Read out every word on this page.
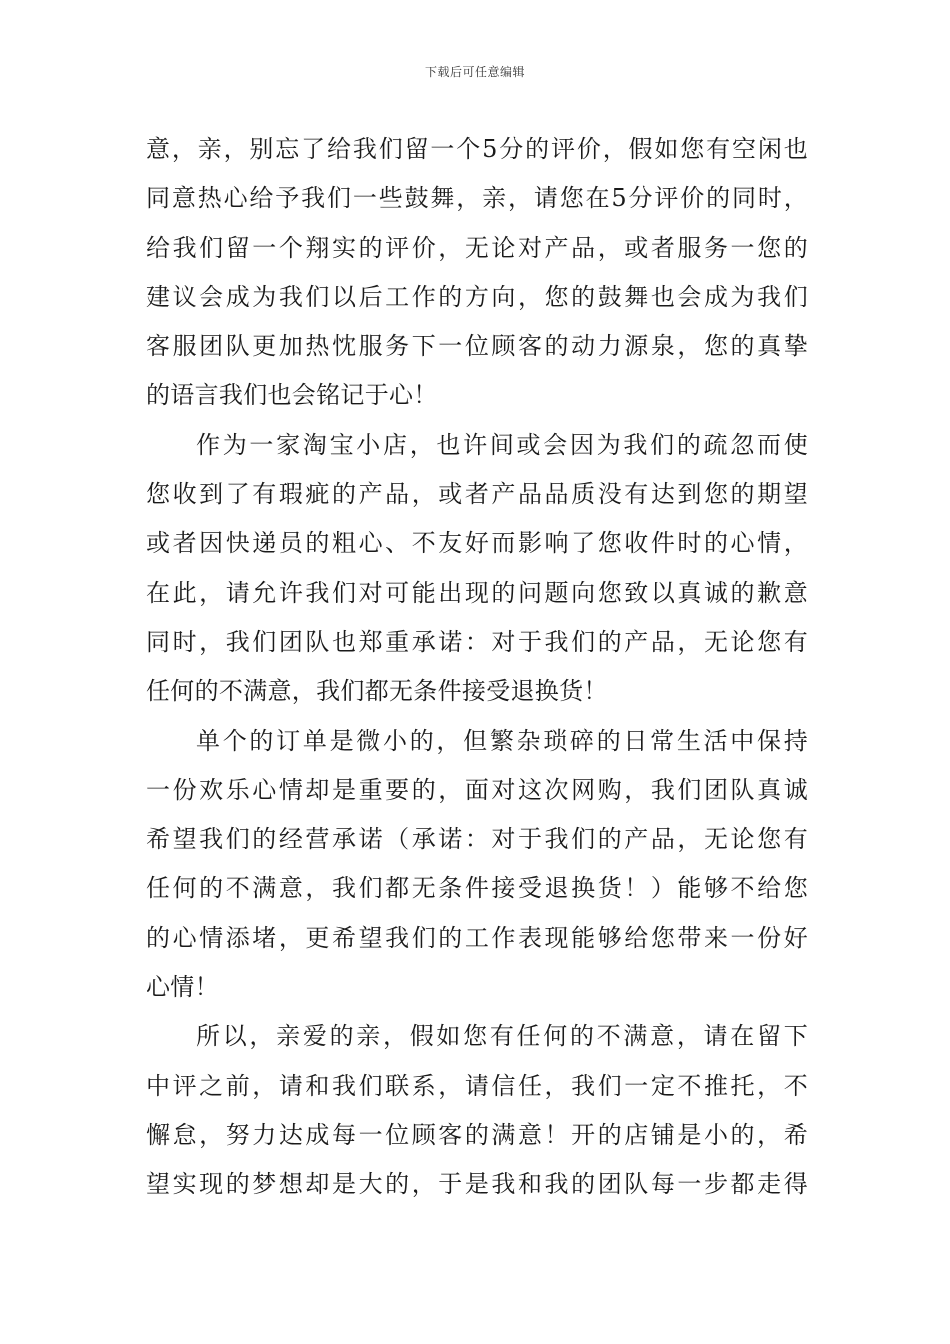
下载后可任意编辑
意，亲，别忘了给我们留一个5分的评价，假如您有空闲也
同意热心给予我们一些鼓舞，亲，请您在5分评价的同时，
给我们留一个翔实的评价，无论对产品，或者服务一您的
建议会成为我们以后工作的方向，您的鼓舞也会成为我们
客服团队更加热忱服务下一位顾客的动力源泉，您的真挚
的语言我们也会铭记于心！
作为一家淘宝小店，也许间或会因为我们的疏忽而使
您收到了有瑕疵的产品，或者产品品质没有达到您的期望
或者因快递员的粗心、不友好而影响了您收件时的心情，
在此，请允许我们对可能出现的问题向您致以真诚的歉意
同时，我们团队也郑重承诺：对于我们的产品，无论您有
任何的不满意，我们都无条件接受退换货！
单个的订单是微小的，但繁杂琐碎的日常生活中保持
一份欢乐心情却是重要的，面对这次网购，我们团队真诚
希望我们的经营承诺（承诺：对于我们的产品，无论您有
任何的不满意，我们都无条件接受退换货！）能够不给您
的心情添堵，更希望我们的工作表现能够给您带来一份好
心情！
所以，亲爱的亲，假如您有任何的不满意，请在留下
中评之前，请和我们联系，请信任，我们一定不推托，不
懈怠，努力达成每一位顾客的满意！开的店铺是小的，希
望实现的梦想却是大的，于是我和我的团队每一步都走得
